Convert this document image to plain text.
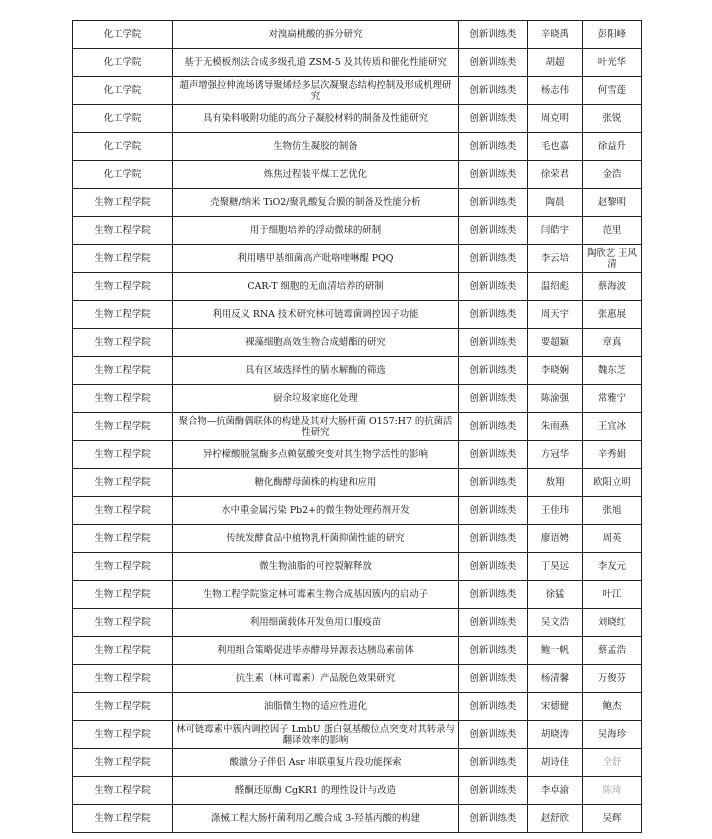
化工学院	对溴扁桃酸的拆分研究	创新训练类	辛晓禹	彭阳峰
化工学院	基于无模板剂法合成多级孔道 ZSM-5 及其传质和催化性能研究	创新训练类	胡超	叶光华
化工学院	超声增强拉伸流场诱导聚烯烃多层次凝聚态结构控制及形成机理研究	创新训练类	杨志伟	何雪莲
化工学院	具有染料吸附功能的高分子凝胶材料的制备及性能研究	创新训练类	周克明	张锐
化工学院	生物仿生凝胶的制备	创新训练类	毛也嘉	徐益升
化工学院	炼焦过程装平煤工艺优化	创新训练类	徐荣君	金浩
生物工程学院	壳聚糖/纳米 TiO2/聚乳酸复合膜的制备及性能分析	创新训练类	陶晨	赵黎明
生物工程学院	用于细胞培养的浮动微球的研制	创新训练类	闫皓宇	范里
生物工程学院	利用嗜甲基细菌高产吡咯喹啉醌 PQQ	创新训练类	李云培	陶欣艺 王风清
生物工程学院	CAR-T 细胞的无血清培养的研制	创新训练类	温绍彪	蔡海波
生物工程学院	利用反义 RNA 技术研究林可链霉菌调控因子功能	创新训练类	周天宇	张惠展
生物工程学院	裸藻细胞高效生物合成蜡酯的研究	创新训练类	要超颖	章真
生物工程学院	具有区域选择性的腈水解酶的筛选	创新训练类	李晓娴	魏东芝
生物工程学院	厨余垃圾家庭化处理	创新训练类	陈渝强	常雅宁
生物工程学院	聚合物—抗菌酶偶联体的构建及其对大肠杆菌 O157:H7 的抗菌活性研究	创新训练类	朱雨燕	王宜冰
生物工程学院	异柠檬酸脱氢酶多点赖氨酸突变对其生物学活性的影响	创新训练类	方冠华	辛秀娟
生物工程学院	糖化酶酵母菌株的构建和应用	创新训练类	敖翔	欧阳立明
生物工程学院	水中重金属污染 Pb2+的微生物处理药剂开发	创新训练类	王佳玮	张旭
生物工程学院	传统发酵食品中植物乳杆菌抑菌性能的研究	创新训练类	廖语娉	周英
生物工程学院	微生物油脂的可控裂解释放	创新训练类	丁昊远	李友元
生物工程学院	生物工程学院鉴定林可霉素生物合成基因簇内的启动子	创新训练类	徐猛	叶江
生物工程学院	利用细菌载体开发鱼用口服疫苗	创新训练类	吴文浩	刘晓红
生物工程学院	利用组合策略促进毕赤酵母异源表达胰岛素前体	创新训练类	鲍一帆	蔡孟浩
生物工程学院	抗生素（林可霉素）产品脱色效果研究	创新训练类	杨清馨	万俊芬
生物工程学院	油脂微生物的适应性进化	创新训练类	宋德健	鲍杰
生物工程学院	林可链霉素中簇内调控因子 LmbU 蛋白氨基酸位点突变对其转录与翻译效率的影响	创新训练类	胡晓涛	吴海珍
生物工程学院	酸激分子伴侣 Asr 串联重复片段功能探索	创新训练类	胡诗佳	全舒
生物工程学院	醛酮还原酶 CgKR1 的理性设计与改造	创新训练类	李卓渝	陈琦
生物工程学院	涤械工程大肠杆菌利用乙酸合成 3-羟基丙酸的构建	创新训练类	赵舒欣	吴辉
